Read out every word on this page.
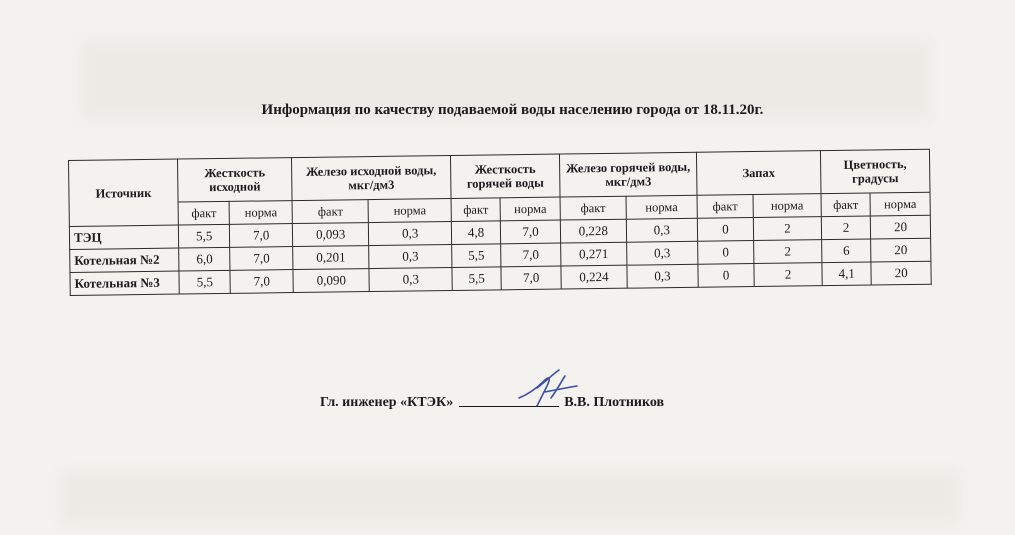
Информация по качеству подаваемой воды населению города от 18.11.20г.
Источник	Жесткость исходной		Железо исходной воды, мкг/дм3		Жесткость горячей воды		Железо горячей воды, мкг/дм3		Запах		Цветность, градусы	
	факт	норма	факт	норма	факт	норма	факт	норма	факт	норма	факт	норма
ТЭЦ	5,5	7,0	0,093	0,3	4,8	7,0	0,228	0,3	0	2	2	20
Котельная №2	6,0	7,0	0,201	0,3	5,5	7,0	0,271	0,3	0	2	6	20
Котельная №3	5,5	7,0	0,090	0,3	5,5	7,0	0,224	0,3	0	2	4,1	20
Гл. инженер «КТЭК»	В.В. Плотников
